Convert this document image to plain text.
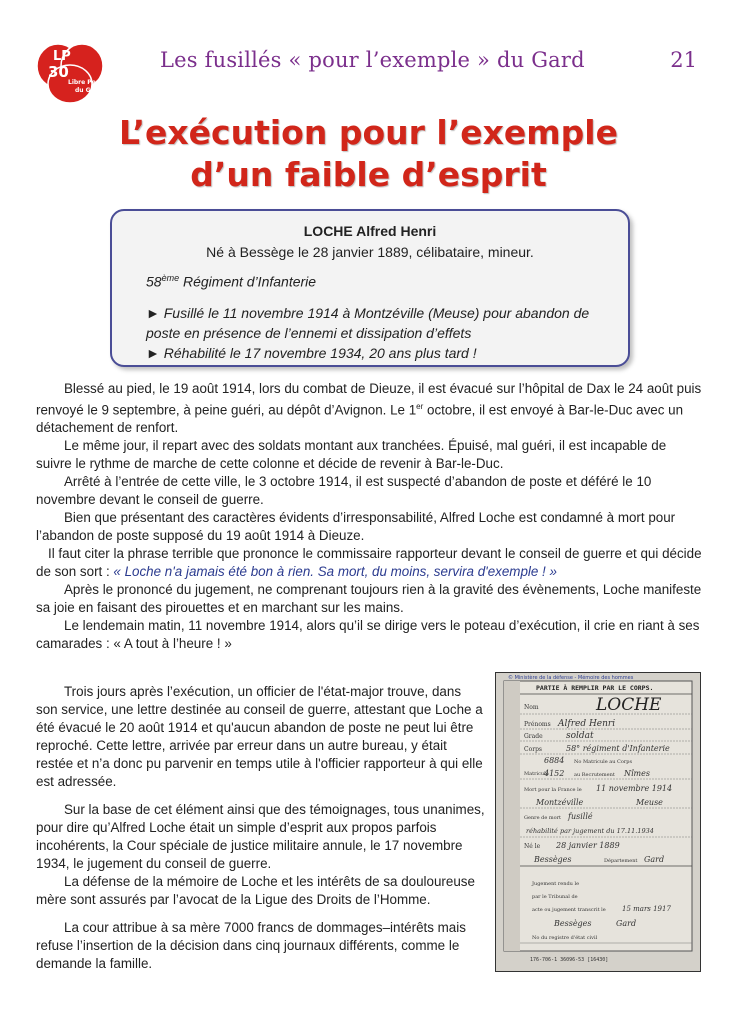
LP
30
Libre Pensée
du Gard
Les fusillés « pour l’exemple » du Gard	21
L’exécution pour l’exemple
d’un faible d’esprit
LOCHE Alfred Henri
Né à Bessège le 28 janvier 1889, célibataire, mineur.
58ème Régiment d’Infanterie
► Fusillé le 11 novembre 1914 à Montzéville (Meuse) pour abandon de
poste en présence de l’ennemi et dissipation d’effets
► Réhabilité le 17 novembre 1934, 20 ans plus tard !

Blessé au pied, le 19 août 1914, lors du combat de Dieuze, il est évacué sur l’hôpital de Dax le 24 août puis renvoyé le 9 septembre, à peine guéri, au dépôt d’Avignon. Le 1er octobre, il est envoyé à Bar-le-Duc avec un détachement de renfort.

Le même jour, il repart avec des soldats montant aux tranchées. Épuisé, mal guéri, il est incapable de suivre le rythme de marche de cette colonne et décide de revenir à Bar-le-Duc.

Arrêté à l’entrée de cette ville, le 3 octobre 1914, il est suspecté d’abandon de poste et déféré le 10 novembre devant le conseil de guerre.

Bien que présentant des caractères évidents d’irresponsabilité, Alfred Loche est condamné à mort pour l’abandon de poste supposé du 19 août 1914 à Dieuze.

Il faut citer la phrase terrible que prononce le commissaire rapporteur devant le conseil de guerre et qui décide de son sort : « Loche n'a jamais été bon à rien. Sa mort, du moins, servira d'exemple ! »

Après le prononcé du jugement, ne comprenant toujours rien à la gravité des évènements, Loche manifeste sa joie en faisant des pirouettes et en marchant sur les mains.

Le lendemain matin, 11 novembre 1914, alors qu’il se dirige vers le poteau d’exécution, il crie en riant à ses camarades : « A tout à l’heure ! »

Trois jours après l’exécution, un officier de l'état-major trouve, dans son service, une lettre destinée au conseil de guerre, attestant que Loche a été évacué le 20 août 1914 et qu'aucun abandon de poste ne peut lui être reproché. Cette lettre, arrivée par erreur dans un autre bureau, y était restée et n’a donc pu parvenir en temps utile à l'officier rapporteur à qui elle est adressée.

Sur la base de cet élément ainsi que des témoignages, tous unanimes, pour dire qu’Alfred Loche était un simple d’esprit aux propos parfois incohérents, la Cour spéciale de justice militaire annule, le 17 novembre 1934, le jugement du conseil de guerre.

La défense de la mémoire de Loche et les intérêts de sa douloureuse mère sont assurés par l’avocat de la Ligue des Droits de l’Homme.

La cour attribue à sa mère 7000 francs de dommages–intérêts mais refuse l’insertion de la décision dans cinq journaux différents, comme le demande la famille.

© Ministère de la défense - Mémoire des hommes
PARTIE À REMPLIR PAR LE CORPS.
Nom	LOCHE
Prénoms Alfred Henri
Grade	soldat
Corps	58° régiment d'Infanterie
6884 No Matricule au Corps
Matricule
4152 au Recrutement Nîmes
Mort pour la France le 11 novembre 1914
Montzéville	Meuse
Genre de mort fusillé
réhabilité par jugement du 17.11.1934
Né le 28 janvier 1889
Bessèges	Département Gard
Jugement rendu le
par le Tribunal de
acte ou jugement transcrit le 15 mars 1917
Bessèges	Gard
No du registre d'état civil
176-706-1 36096-53 [16430]
